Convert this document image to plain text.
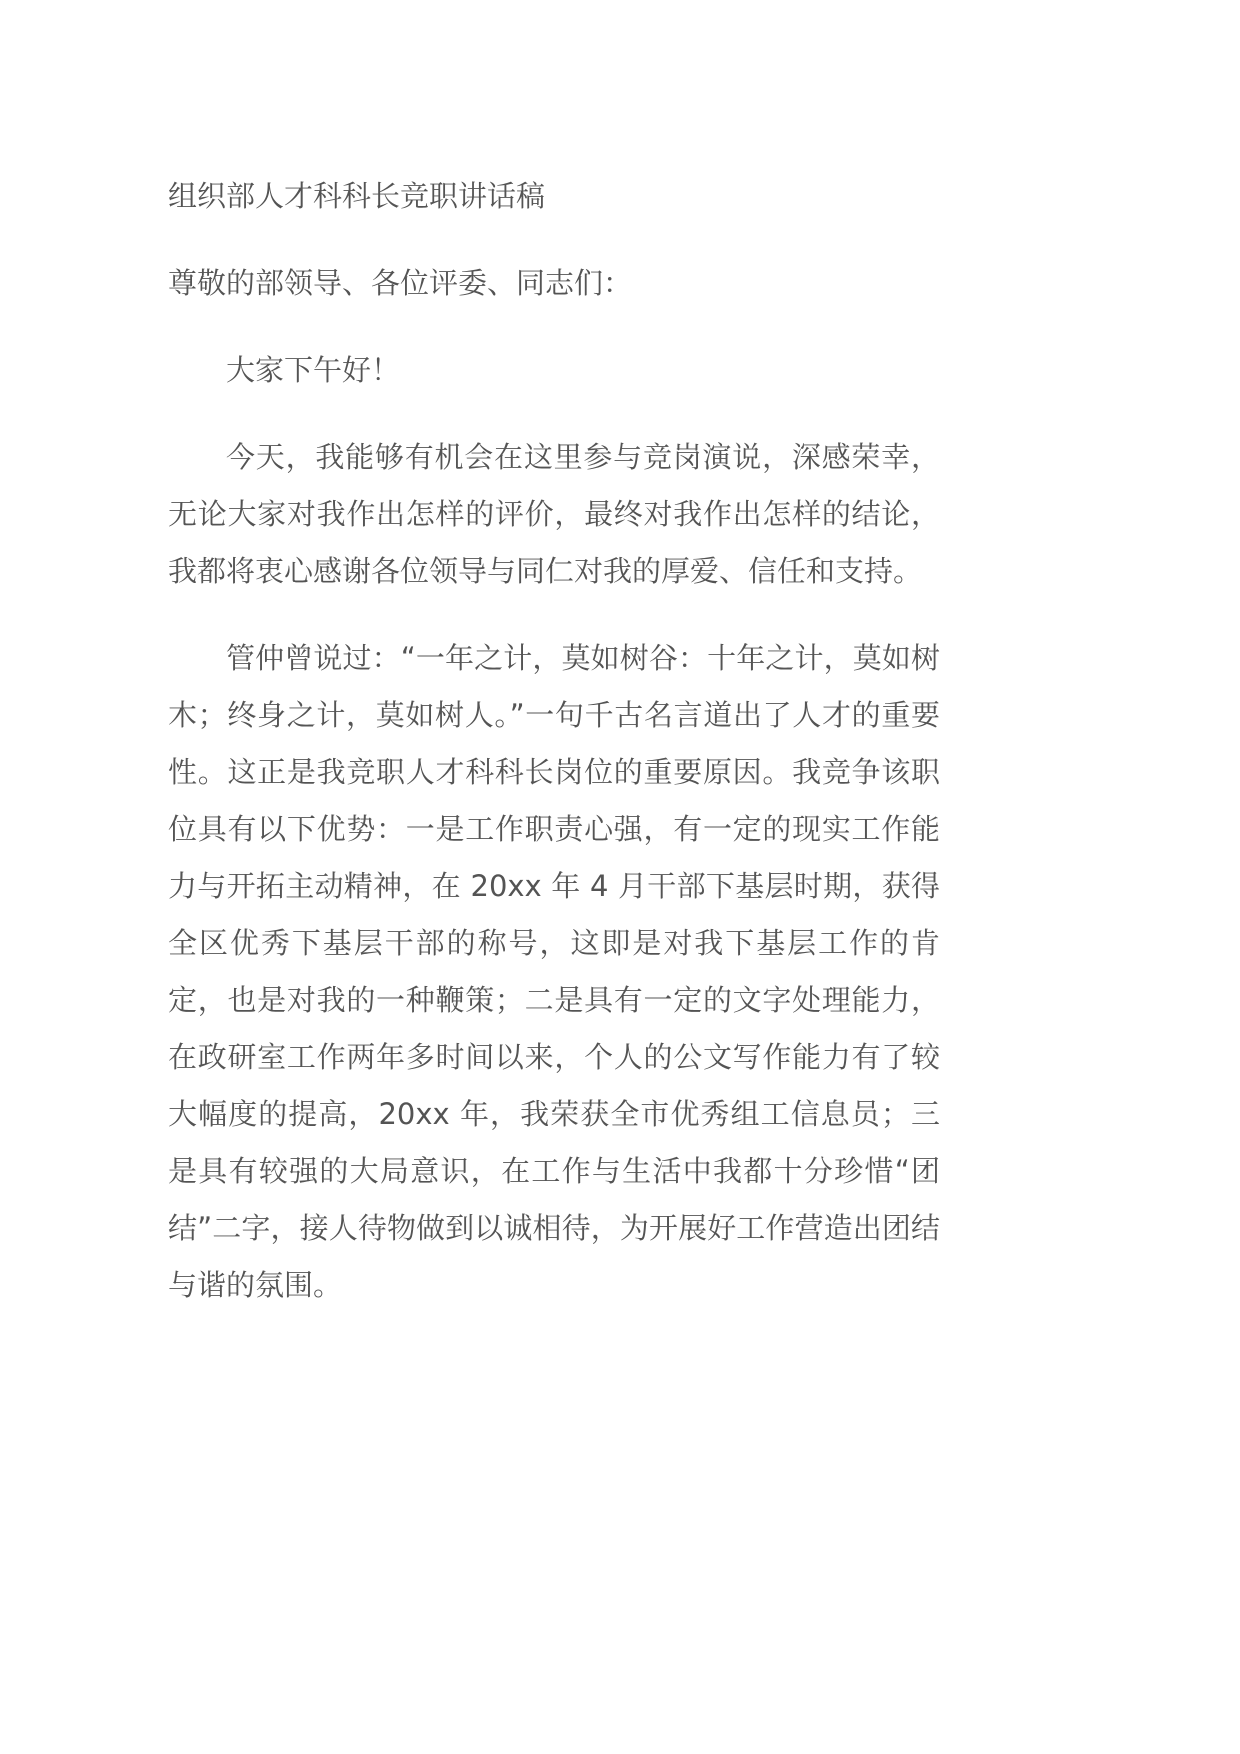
组织部人才科科长竞职讲话稿

尊敬的部领导、各位评委、同志们：

大家下午好！

今天，我能够有机会在这里参与竞岗演说，深感荣幸，无论大家对我作出怎样的评价，最终对我作出怎样的结论，我都将衷心感谢各位领导与同仁对我的厚爱、信任和支持。

管仲曾说过：“一年之计，莫如树谷：十年之计，莫如树木；终身之计，莫如树人。”一句千古名言道出了人才的重要性。这正是我竞职人才科科长岗位的重要原因。我竞争该职位具有以下优势：一是工作职责心强，有一定的现实工作能力与开拓主动精神，在 20xx 年 4 月干部下基层时期，获得全区优秀下基层干部的称号，这即是对我下基层工作的肯定，也是对我的一种鞭策；二是具有一定的文字处理能力，在政研室工作两年多时间以来，个人的公文写作能力有了较大幅度的提高，20xx 年，我荣获全市优秀组工信息员；三是具有较强的大局意识，在工作与生活中我都十分珍惜“团结”二字，接人待物做到以诚相待，为开展好工作营造出团结与谐的氛围。
